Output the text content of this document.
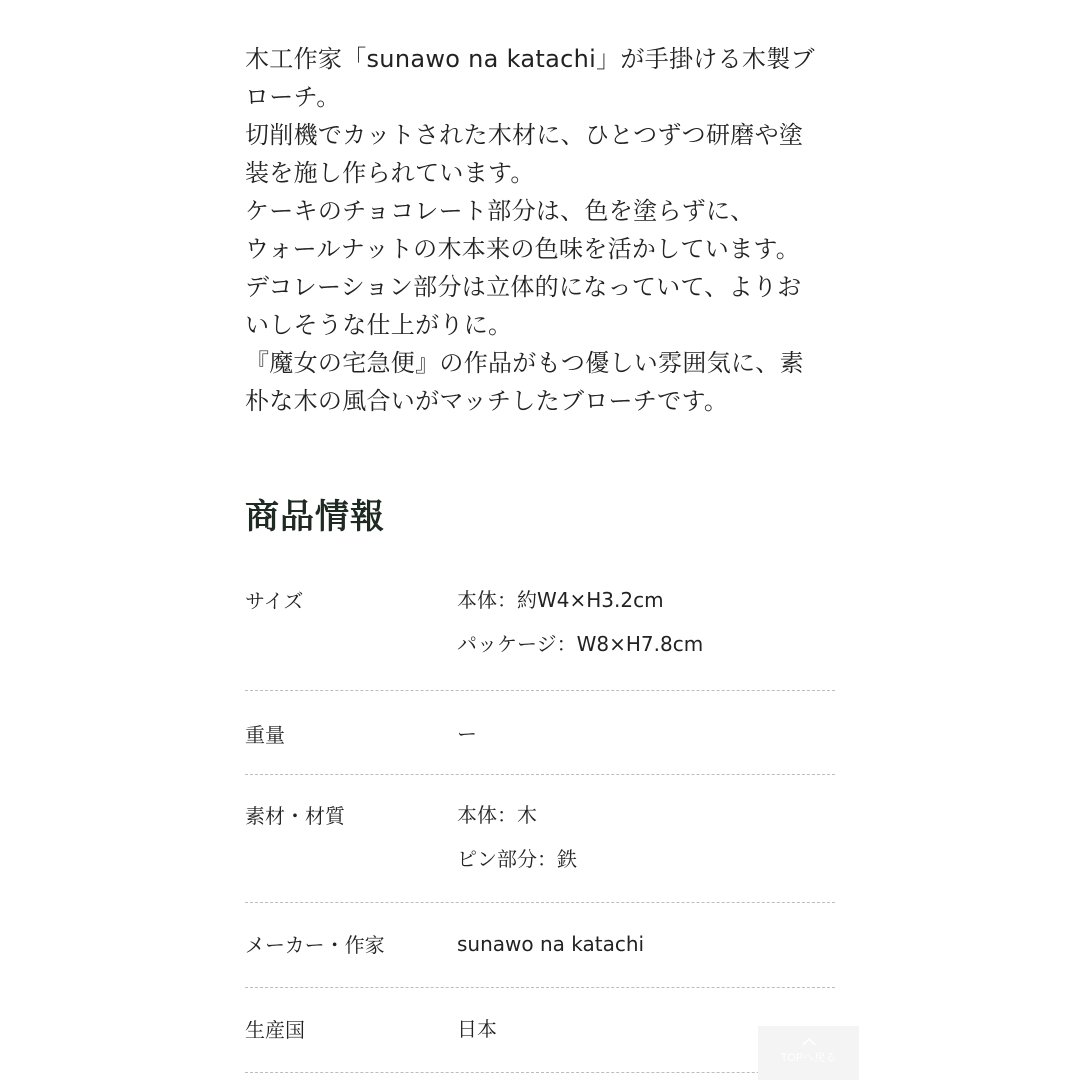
木工作家「sunawo na katachi」が手掛ける木製ブ
ローチ。
切削機でカットされた木材に、ひとつずつ研磨や塗
装を施し作られています。
ケーキのチョコレート部分は、色を塗らずに、
ウォールナットの木本来の色味を活かしています。
デコレーション部分は立体的になっていて、よりお
いしそうな仕上がりに。
『魔女の宅急便』の作品がもつ優しい雰囲気に、素
朴な木の風合いがマッチしたブローチです。

商品情報
サイズ	本体：約W4×H3.2cm
パッケージ：W8×H7.8cm
重量	ー
素材・材質	本体：木
ピン部分：鉄
メーカー・作家	sunawo na katachi
生産国	日本
TOPへ戻る
